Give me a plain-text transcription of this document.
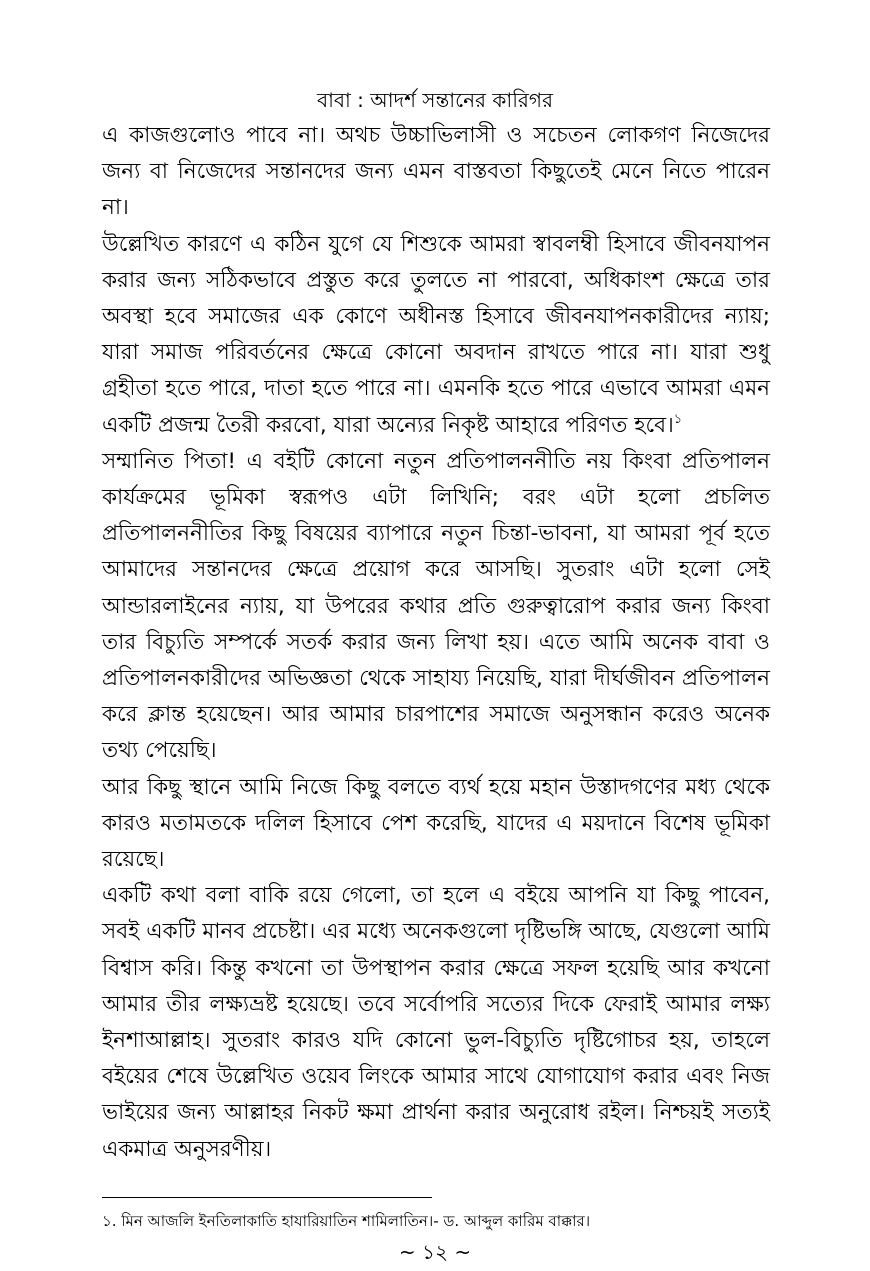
বাবা : আদর্শ সন্তানের কারিগর

এ কাজগুলোও পাবে না। অথচ উচ্চাভিলাসী ও সচেতন লোকগণ নিজেদের জন্য বা নিজেদের সন্তানদের জন্য এমন বাস্তবতা কিছুতেই মেনে নিতে পারেন না।

উল্লেখিত কারণে এ কঠিন যুগে যে শিশুকে আমরা স্বাবলম্বী হিসাবে জীবনযাপন করার জন্য সঠিকভাবে প্রস্তুত করে তুলতে না পারবো, অধিকাংশ ক্ষেত্রে তার অবস্থা হবে সমাজের এক কোণে অধীনস্ত হিসাবে জীবনযাপনকারীদের ন্যায়; যারা সমাজ পরিবর্তনের ক্ষেত্রে কোনো অবদান রাখতে পারে না। যারা শুধু গ্রহীতা হতে পারে, দাতা হতে পারে না। এমনকি হতে পারে এভাবে আমরা এমন একটি প্রজন্ম তৈরী করবো, যারা অন্যের নিকৃষ্ট আহারে পরিণত হবে।$^১$

সম্মানিত পিতা! এ বইটি কোনো নতুন প্রতিপালননীতি নয় কিংবা প্রতিপালন কার্যক্রমের ভূমিকা স্বরূপও এটা লিখিনি; বরং এটা হলো প্রচলিত প্রতিপালননীতির কিছু বিষয়ের ব্যাপারে নতুন চিন্তা-ভাবনা, যা আমরা পূর্ব হতে আমাদের সন্তানদের ক্ষেত্রে প্রয়োগ করে আসছি। সুতরাং এটা হলো সেই আন্ডারলাইনের ন্যায়, যা উপরের কথার প্রতি গুরুত্বারোপ করার জন্য কিংবা তার বিচ্যুতি সম্পর্কে সতর্ক করার জন্য লিখা হয়। এতে আমি অনেক বাবা ও প্রতিপালনকারীদের অভিজ্ঞতা থেকে সাহায্য নিয়েছি, যারা দীর্ঘজীবন প্রতিপালন করে ক্লান্ত হয়েছেন। আর আমার চারপাশের সমাজে অনুসন্ধান করেও অনেক তথ্য পেয়েছি।

আর কিছু স্থানে আমি নিজে কিছু বলতে ব্যর্থ হয়ে মহান উস্তাদগণের মধ্য থেকে কারও মতামতকে দলিল হিসাবে পেশ করেছি, যাদের এ ময়দানে বিশেষ ভূমিকা রয়েছে।

একটি কথা বলা বাকি রয়ে গেলো, তা হলে এ বইয়ে আপনি যা কিছু পাবেন, সবই একটি মানব প্রচেষ্টা। এর মধ্যে অনেকগুলো দৃষ্টিভঙ্গি আছে, যেগুলো আমি বিশ্বাস করি। কিন্তু কখনো তা উপস্থাপন করার ক্ষেত্রে সফল হয়েছি আর কখনো আমার তীর লক্ষ্যভ্রষ্ট হয়েছে। তবে সর্বোপরি সত্যের দিকে ফেরাই আমার লক্ষ্য ইনশাআল্লাহ। সুতরাং কারও যদি কোনো ভুল-বিচ্যুতি দৃষ্টিগোচর হয়, তাহলে বইয়ের শেষে উল্লেখিত ওয়েব লিংকে আমার সাথে যোগাযোগ করার এবং নিজ ভাইয়ের জন্য আল্লাহর নিকট ক্ষমা প্রার্থনা করার অনুরোধ রইল। নিশ্চয়ই সত্যই একমাত্র অনুসরণীয়।

১. মিন আজলি ইনতিলাকাতি হাযারিয়াতিন শামিলাতিন।- ড. আব্দুল কারিম বাক্কার।
~ ১২ ~
